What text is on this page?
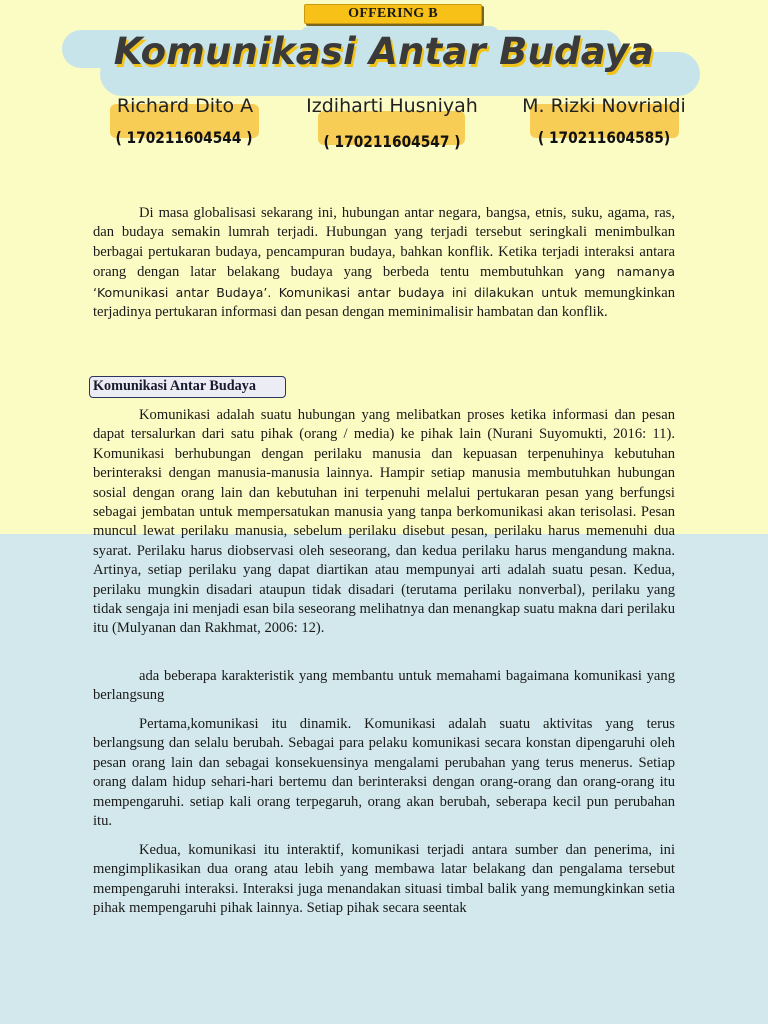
OFFERING B
Komunikasi Antar Budaya
Richard Dito A	Izdiharti Husniyah	M. Rizki Novrialdi
( 170211604544 )	( 170211604547 )	( 170211604585)

Di masa globalisasi sekarang ini, hubungan antar negara, bangsa, etnis, suku, agama, ras, dan budaya semakin lumrah terjadi. Hubungan yang terjadi tersebut seringkali menimbulkan berbagai pertukaran budaya, pencampuran budaya, bahkan konflik. Ketika terjadi interaksi antara orang dengan latar belakang budaya yang berbeda tentu membutuhkan yang namanya ‘Komunikasi antar Budaya’. Komunikasi antar budaya ini dilakukan untuk memungkinkan terjadinya pertukaran informasi dan pesan dengan meminimalisir hambatan dan konflik.

Komunikasi Antar Budaya

Komunikasi adalah suatu hubungan yang melibatkan proses ketika informasi dan pesan dapat tersalurkan dari satu pihak (orang / media) ke pihak lain (Nurani Suyomukti, 2016: 11). Komunikasi berhubungan dengan perilaku manusia dan kepuasan terpenuhinya kebutuhan berinteraksi dengan manusia-manusia lainnya. Hampir setiap manusia membutuhkan hubungan sosial dengan orang lain dan kebutuhan ini terpenuhi melalui pertukaran pesan yang berfungsi sebagai jembatan untuk mempersatukan manusia yang tanpa berkomunikasi akan terisolasi. Pesan muncul lewat perilaku manusia, sebelum perilaku disebut pesan, perilaku harus memenuhi dua syarat. Perilaku harus diobservasi oleh seseorang, dan kedua perilaku harus mengandung makna. Artinya, setiap perilaku yang dapat diartikan atau mempunyai arti adalah suatu pesan. Kedua, perilaku mungkin disadari ataupun tidak disadari (terutama perilaku nonverbal), perilaku yang tidak sengaja ini menjadi esan bila seseorang melihatnya dan menangkap suatu makna dari perilaku itu (Mulyanan dan Rakhmat, 2006: 12).

ada beberapa karakteristik yang membantu untuk memahami bagaimana komunikasi yang berlangsung

Pertama,komunikasi itu dinamik. Komunikasi adalah suatu aktivitas yang terus berlangsung dan selalu berubah. Sebagai para pelaku komunikasi secara konstan dipengaruhi oleh pesan orang lain dan sebagai konsekuensinya mengalami perubahan yang terus menerus. Setiap orang dalam hidup sehari-hari bertemu dan berinteraksi dengan orang-orang dan orang-orang itu mempengaruhi. setiap kali orang terpegaruh, orang akan berubah, seberapa kecil pun perubahan itu.

Kedua, komunikasi itu interaktif, komunikasi terjadi antara sumber dan penerima, ini mengimplikasikan dua orang atau lebih yang membawa latar belakang dan pengalama tersebut mempengaruhi interaksi. Interaksi juga menandakan situasi timbal balik yang memungkinkan setia pihak mempengaruhi pihak lainnya. Setiap pihak secara seentak
